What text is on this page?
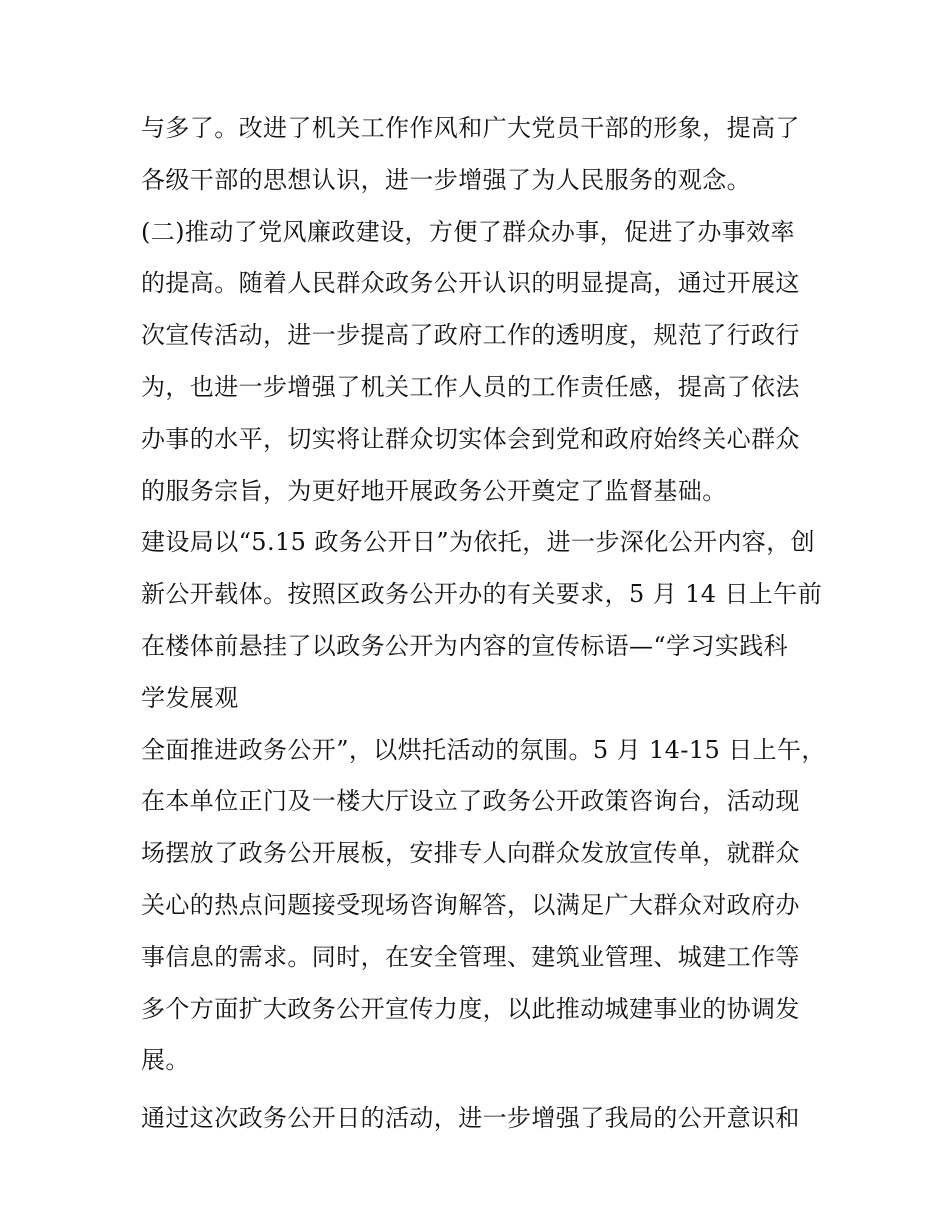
与多了。改进了机关工作作风和广大党员干部的形象，提高了
各级干部的思想认识，进一步增强了为人民服务的观念。
(二)推动了党风廉政建设，方便了群众办事，促进了办事效率
的提高。随着人民群众政务公开认识的明显提高，通过开展这
次宣传活动，进一步提高了政府工作的透明度，规范了行政行
为，也进一步增强了机关工作人员的工作责任感，提高了依法
办事的水平，切实将让群众切实体会到党和政府始终关心群众
的服务宗旨，为更好地开展政务公开奠定了监督基础。
建设局以“5.15 政务公开日”为依托，进一步深化公开内容，创
新公开载体。按照区政务公开办的有关要求，5 月 14 日上午前
在楼体前悬挂了以政务公开为内容的宣传标语—“学习实践科
学发展观
全面推进政务公开”，以烘托活动的氛围。5 月 14-15 日上午，
在本单位正门及一楼大厅设立了政务公开政策咨询台，活动现
场摆放了政务公开展板，安排专人向群众发放宣传单，就群众
关心的热点问题接受现场咨询解答，以满足广大群众对政府办
事信息的需求。同时，在安全管理、建筑业管理、城建工作等
多个方面扩大政务公开宣传力度，以此推动城建事业的协调发
展。
通过这次政务公开日的活动，进一步增强了我局的公开意识和
